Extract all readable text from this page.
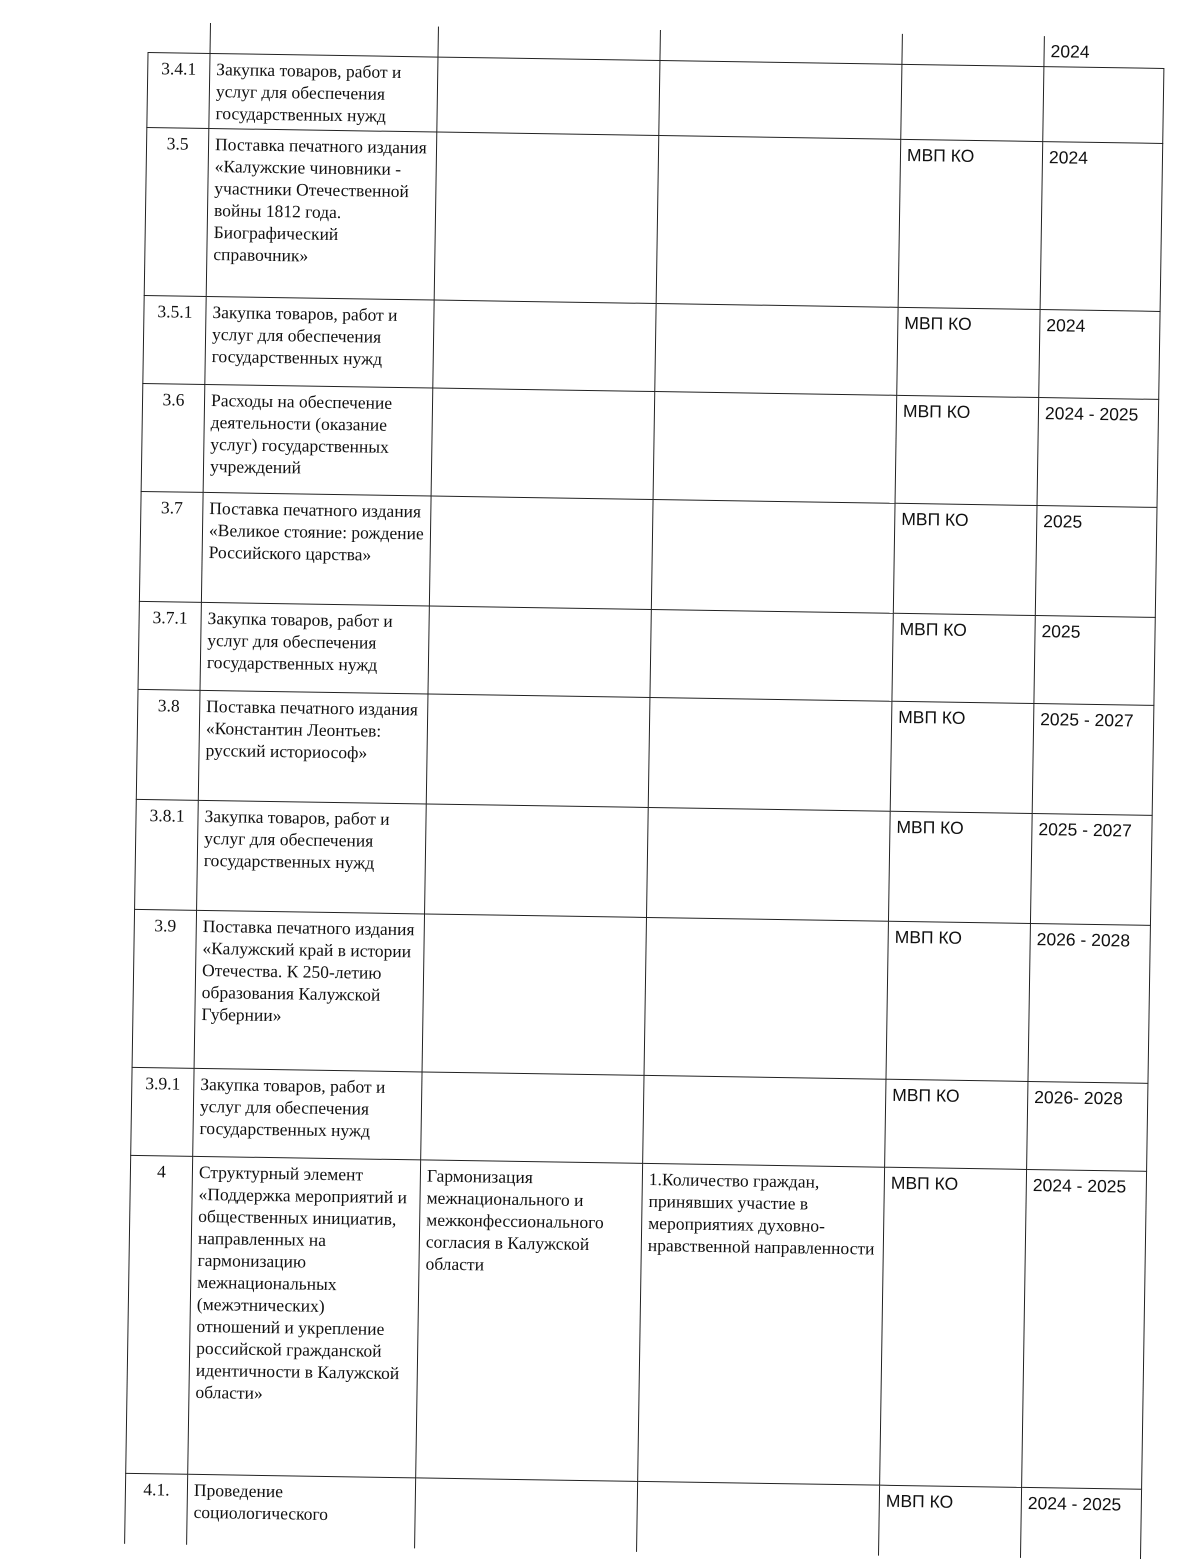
					2024
3.4.1	Закупка товаров, работ и услуг для обеспечения государственных нужд				
3.5	Поставка печатного издания «Калужские чиновники - участники Отечественной войны 1812 года. Биографический справочник»			МВП КО	2024
3.5.1	Закупка товаров, работ и услуг для обеспечения государственных нужд			МВП КО	2024
3.6	Расходы на обеспечение деятельности (оказание услуг) государственных учреждений			МВП КО	2024 - 2025
3.7	Поставка печатного издания «Великое стояние: рождение Российского царства»			МВП КО	2025
3.7.1	Закупка товаров, работ и услуг для обеспечения государственных нужд			МВП КО	2025
3.8	Поставка печатного издания «Константин Леонтьев: русский историософ»			МВП КО	2025 - 2027
3.8.1	Закупка товаров, работ и услуг для обеспечения государственных нужд			МВП КО	2025 - 2027
3.9	Поставка печатного издания «Калужский край в истории Отечества. К 250-летию образования Калужской Губернии»			МВП КО	2026 - 2028
3.9.1	Закупка товаров, работ и услуг для обеспечения государственных нужд			МВП КО	2026- 2028
4	Структурный элемент «Поддержка мероприятий и общественных инициатив, направленных на гармонизацию межнациональных (межэтнических) отношений и укрепление российской гражданской идентичности в Калужской области»	Гармонизация межнационального и межконфессионального согласия в Калужской области	1.Количество граждан, принявших участие в мероприятиях духовно-нравственной направленности	МВП КО	2024 - 2025
4.1.	Проведение социологического			МВП КО	2024 - 2025
